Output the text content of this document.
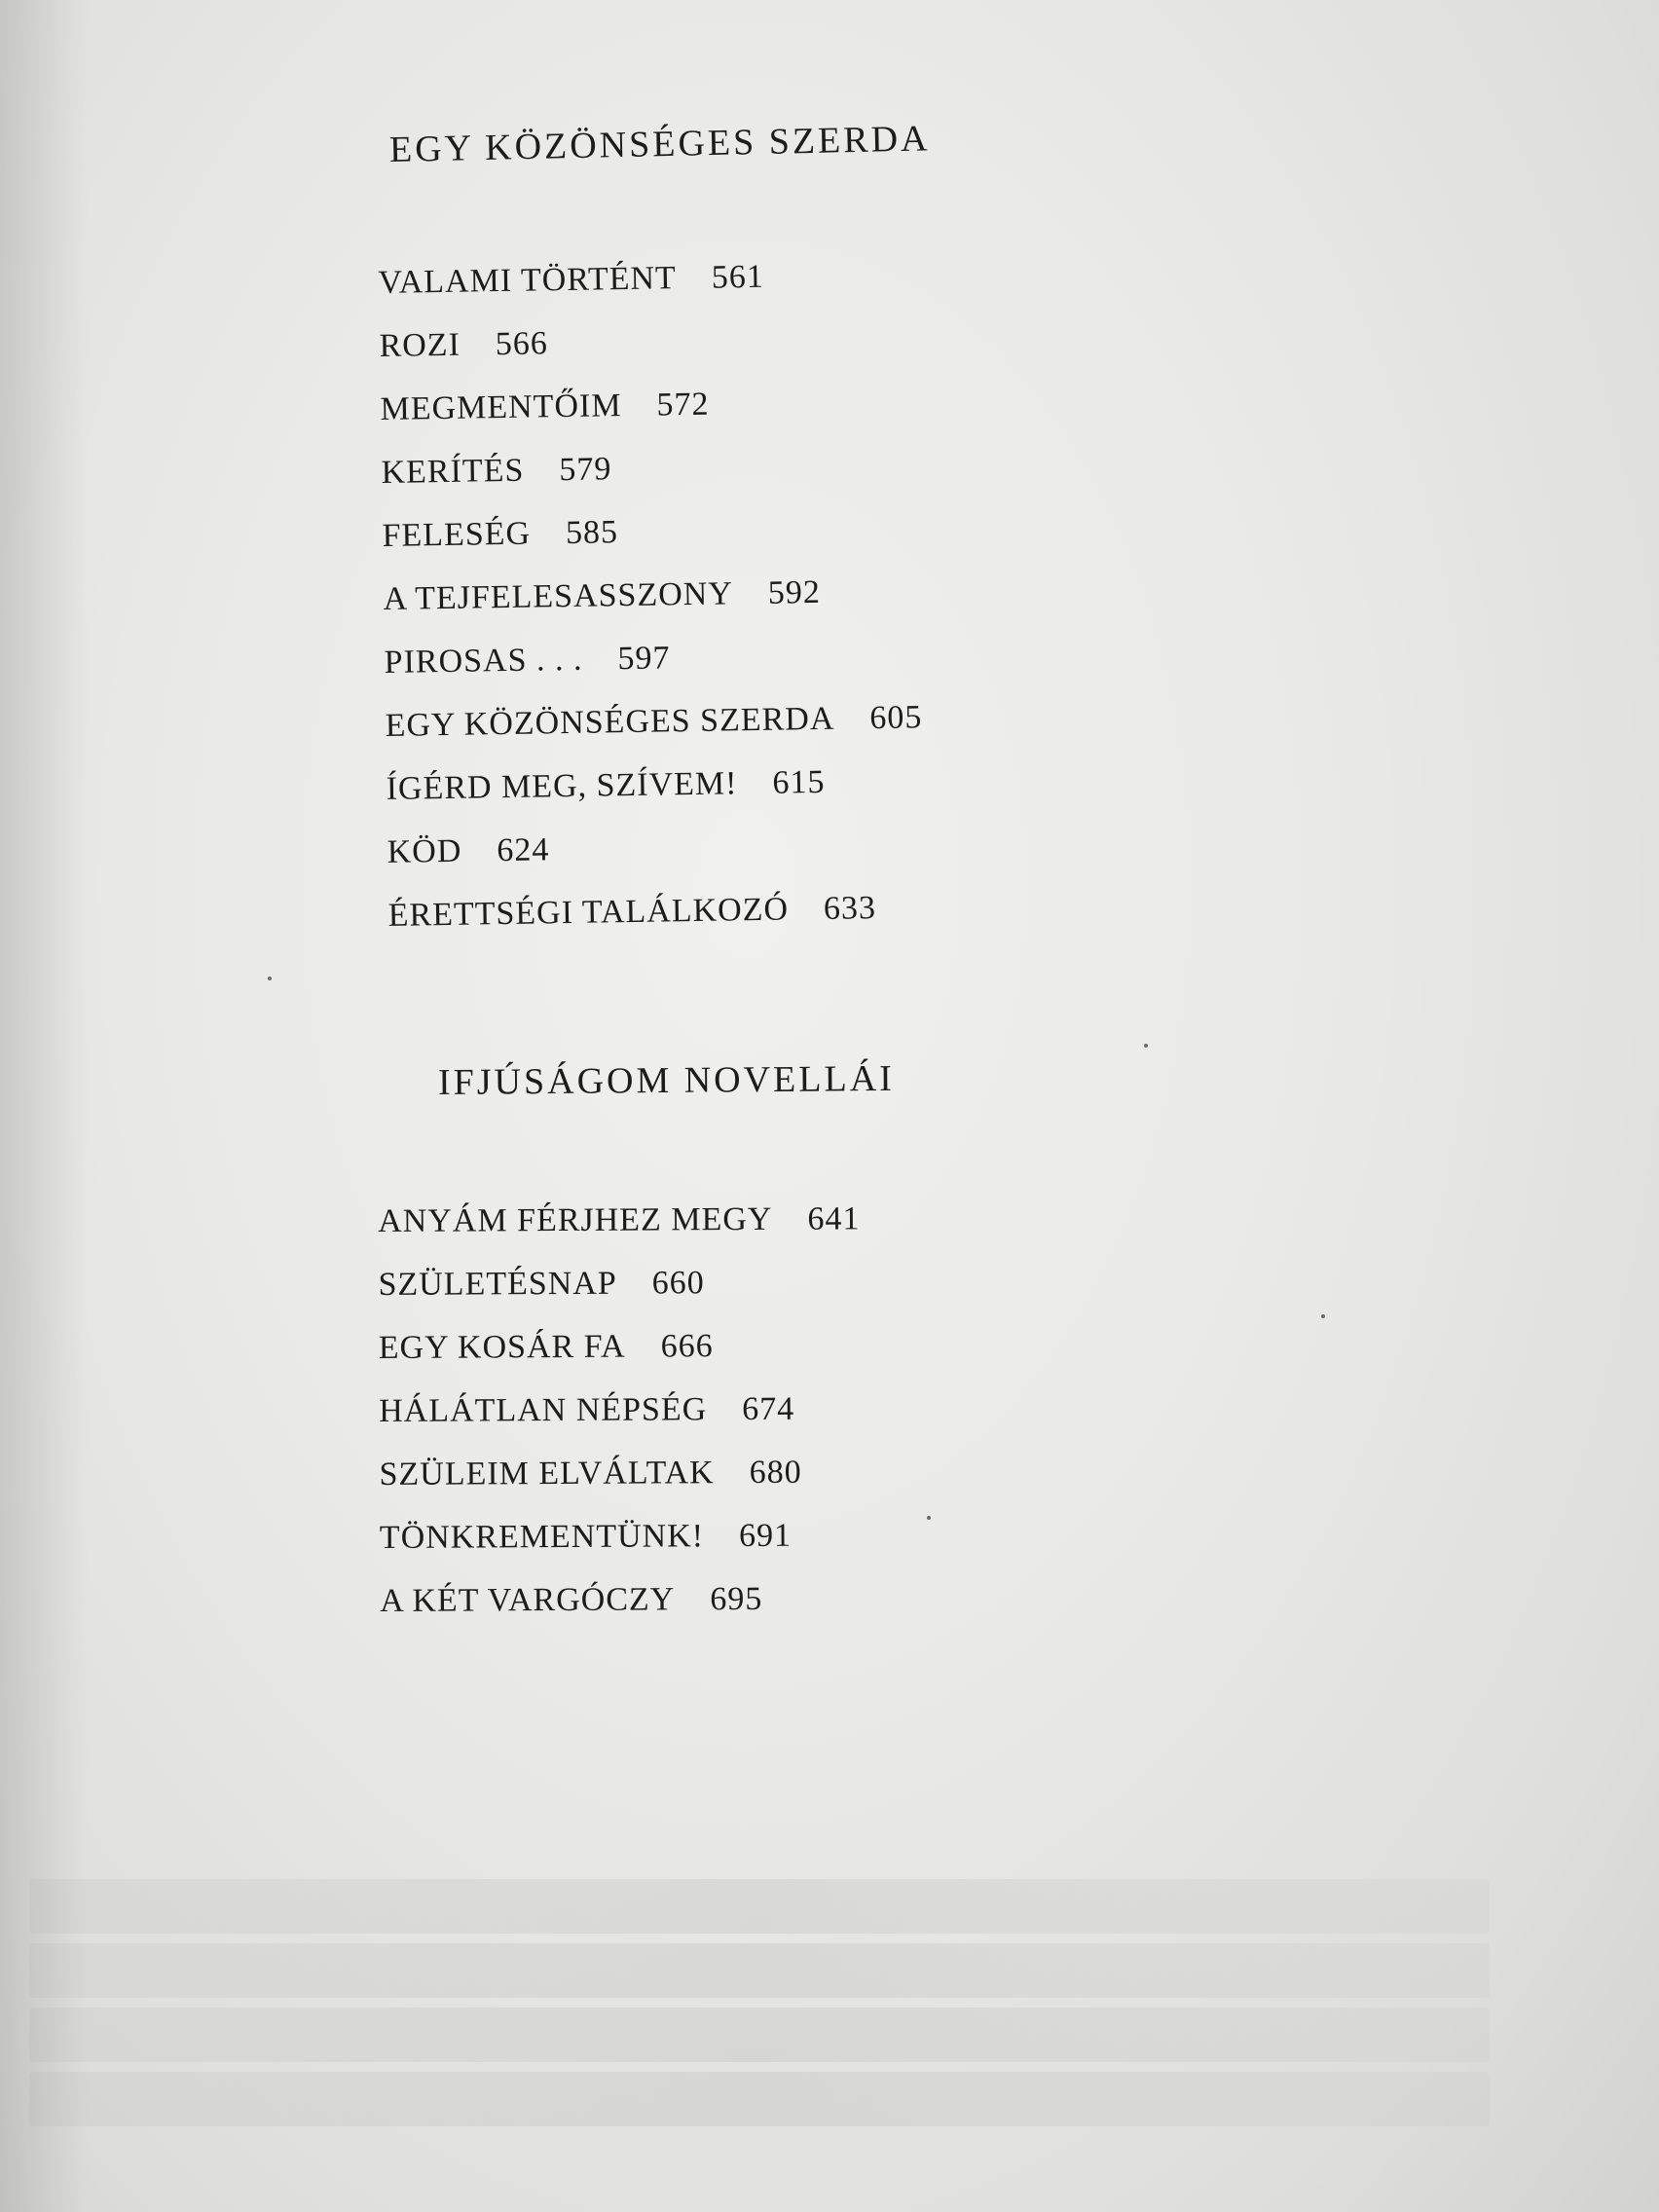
EGY KÖZÖNSÉGES SZERDA
VALAMI TÖRTÉNT 561
ROZI 566
MEGMENTŐIM 572
KERÍTÉS 579
FELESÉG 585
A TEJFELESASSZONY 592
PIROSAS . . . 597
EGY KÖZÖNSÉGES SZERDA 605
ÍGÉRD MEG, SZÍVEM! 615
KÖD 624
ÉRETTSÉGI TALÁLKOZÓ 633
IFJÚSÁGOM NOVELLÁI
ANYÁM FÉRJHEZ MEGY 641
SZÜLETÉSNAP 660
EGY KOSÁR FA 666
HÁLÁTLAN NÉPSÉG 674
SZÜLEIM ELVÁLTAK 680
TÖNKREMENTÜNK! 691
A KÉT VARGÓCZY 695
